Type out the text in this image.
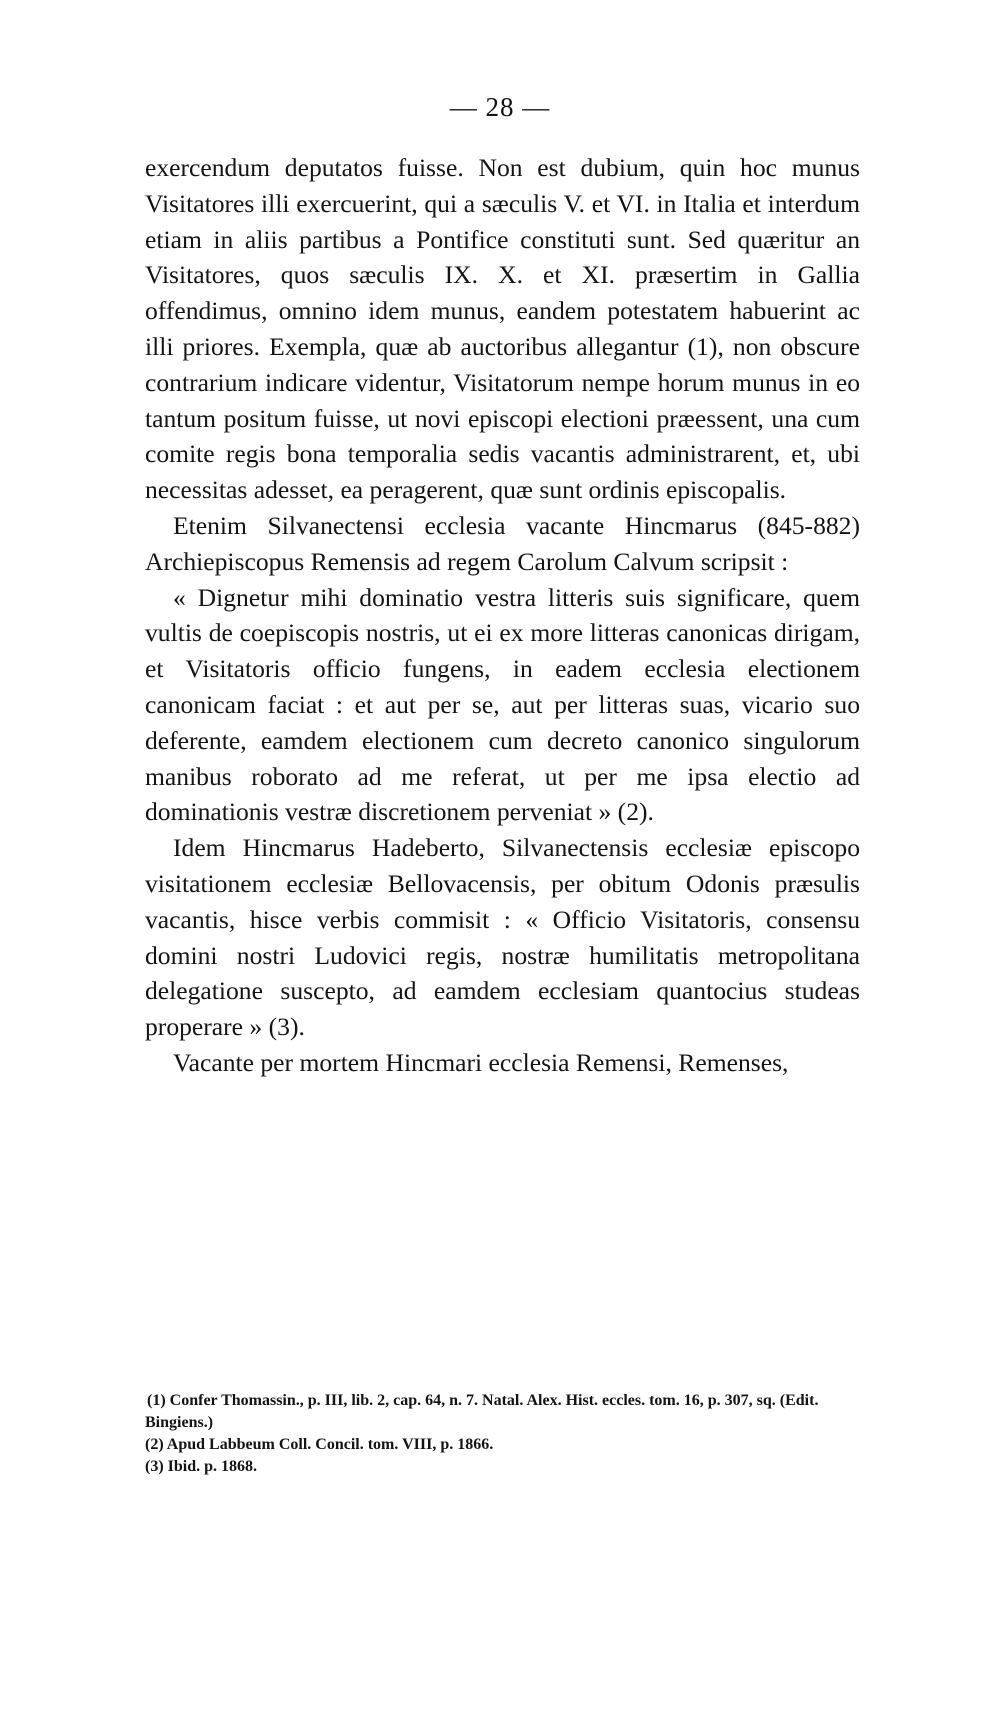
— 28 —

exercendum deputatos fuisse. Non est dubium, quin hoc munus Visitatores illi exercuerint, qui a sæculis V. et VI. in Italia et interdum etiam in aliis partibus a Pontifice constituti sunt. Sed quæritur an Visitatores, quos sæculis IX. X. et XI. præsertim in Gallia offendimus, omnino idem munus, eandem potestatem habuerint ac illi priores. Exempla, quæ ab auctoribus allegantur (1), non obscure contrarium indicare videntur, Visitatorum nempe horum munus in eo tantum positum fuisse, ut novi episcopi electioni præessent, una cum comite regis bona temporalia sedis vacantis administrarent, et, ubi necessitas adesset, ea peragerent, quæ sunt ordinis episcopalis.

Etenim Silvanectensi ecclesia vacante Hincmarus (845-882) Archiepiscopus Remensis ad regem Carolum Calvum scripsit :

« Dignetur mihi dominatio vestra litteris suis significare, quem vultis de coepiscopis nostris, ut ei ex more litteras canonicas dirigam, et Visitatoris officio fungens, in eadem ecclesia electionem canonicam faciat : et aut per se, aut per litteras suas, vicario suo deferente, eamdem electionem cum decreto canonico singulorum manibus roborato ad me referat, ut per me ipsa electio ad dominationis vestræ discretionem perveniat » (2).

Idem Hincmarus Hadeberto, Silvanectensis ecclesiæ episcopo visitationem ecclesiæ Bellovacensis, per obitum Odonis præsulis vacantis, hisce verbis commisit : « Officio Visitatoris, consensu domini nostri Ludovici regis, nostræ humilitatis metropolitana delegatione suscepto, ad eamdem ecclesiam quantocius studeas properare » (3).

Vacante per mortem Hincmari ecclesia Remensi, Remenses,

(1) Confer Thomassin., p. III, lib. 2, cap. 64, n. 7. Natal. Alex. Hist. eccles. tom. 16, p. 307, sq. (Edit. Bingiens.)

(2) Apud Labbeum Coll. Concil. tom. VIII, p. 1866.

(3) Ibid. p. 1868.
